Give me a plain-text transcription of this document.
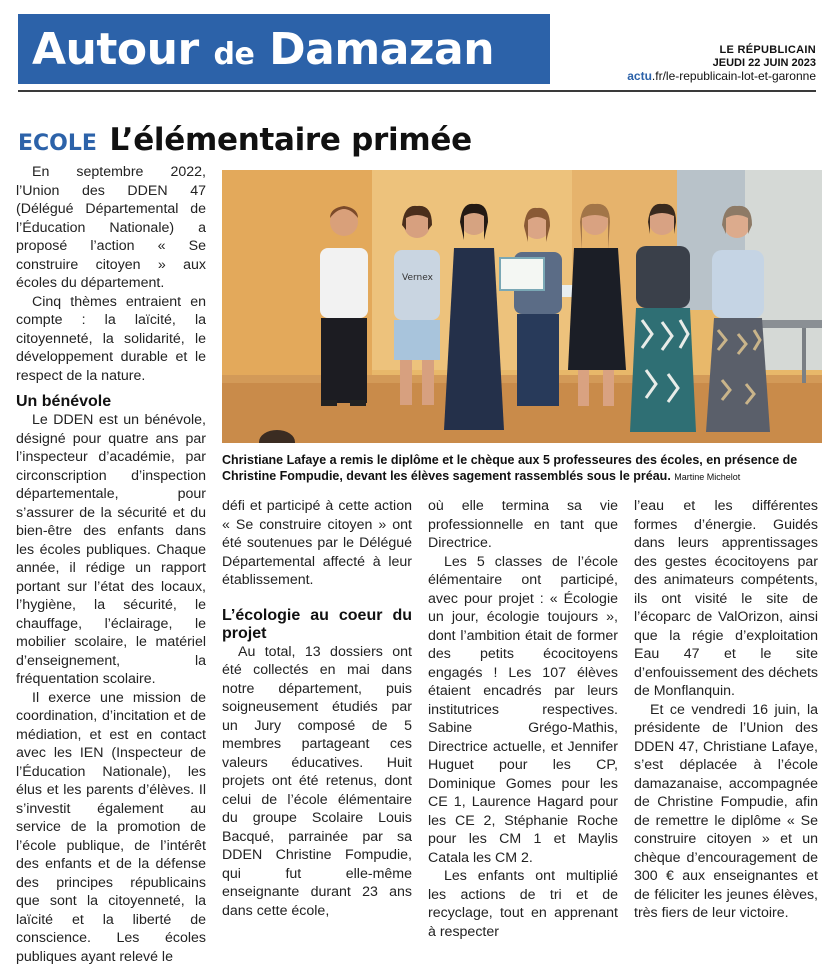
Autour de Damazan	LE RÉPUBLICAIN
JEUDI 22 JUIN 2023
actu.fr/le-republicain-lot-et-garonne
ECOLE L’élémentaire primée

En septembre 2022, l’Union des DDEN 47 (Délégué Départemental de l’Éducation Nationale) a proposé l’action « Se construire citoyen » aux écoles du département.

Cinq thèmes entraient en compte : la laïcité, la citoyenneté, la solidarité, le développement durable et le respect de la nature.

Un bénévole

Le DDEN est un bénévole, désigné pour quatre ans par l’inspecteur d’académie, par circonscription d’inspection départementale, pour s’assurer de la sécurité et du bien-être des enfants dans les écoles publiques. Chaque année, il rédige un rapport portant sur l’état des locaux, l’hygiène, la sécurité, le chauffage, l’éclairage, le mobilier scolaire, le matériel d’enseignement, la fréquentation scolaire.

Il exerce une mission de coordination, d’incitation et de médiation, et est en contact avec les IEN (Inspecteur de l’Éducation Nationale), les élus et les parents d’élèves. Il s’investit également au service de la promotion de l’école publique, de l’intérêt des enfants et de la défense des principes républicains que sont la citoyenneté, la laïcité et la liberté de conscience. Les écoles publiques ayant relevé le

Vernex
Christiane Lafaye a remis le diplôme et le chèque aux 5 professeures des écoles, en présence de Christine Fompudie, devant les élèves sagement rassemblés sous le préau. Martine Michelot

défi et participé à cette action « Se construire citoyen » ont été soutenues par le Délégué Départemental affecté à leur établissement.

L’écologie au coeur du projet

Au total, 13 dossiers ont été collectés en mai dans notre département, puis soigneusement étudiés par un Jury composé de 5 membres partageant ces valeurs éducatives. Huit projets ont été retenus, dont celui de l’école élémentaire du groupe Scolaire Louis Bacqué, parrainée par sa DDEN Christine Fompudie, qui fut elle-même enseignante durant 23 ans dans cette école,

où elle termina sa vie professionnelle en tant que Directrice.

Les 5 classes de l’école élémentaire ont participé, avec pour projet : « Écologie un jour, écologie toujours », dont l’ambition était de former des petits écocitoyens engagés ! Les 107 élèves étaient encadrés par leurs institutrices respectives. Sabine Grégo-Mathis, Directrice actuelle, et Jennifer Huguet pour les CP, Dominique Gomes pour les CE 1, Laurence Hagard pour les CE 2, Stéphanie Roche pour les CM 1 et Maylis Catala les CM 2.

Les enfants ont multiplié les actions de tri et de recyclage, tout en apprenant à respecter

l’eau et les différentes formes d’énergie. Guidés dans leurs apprentissages des gestes écocitoyens par des animateurs compétents, ils ont visité le site de l’écoparc de ValOrizon, ainsi que la régie d’exploitation Eau 47 et le site d’enfouissement des déchets de Monflanquin.

Et ce vendredi 16 juin, la présidente de l’Union des DDEN 47, Christiane Lafaye, s’est déplacée à l’école damazanaise, accompagnée de Christine Fompudie, afin de remettre le diplôme « Se construire citoyen » et un chèque d’encouragement de 300 € aux enseignantes et de féliciter les jeunes élèves, très fiers de leur victoire.
